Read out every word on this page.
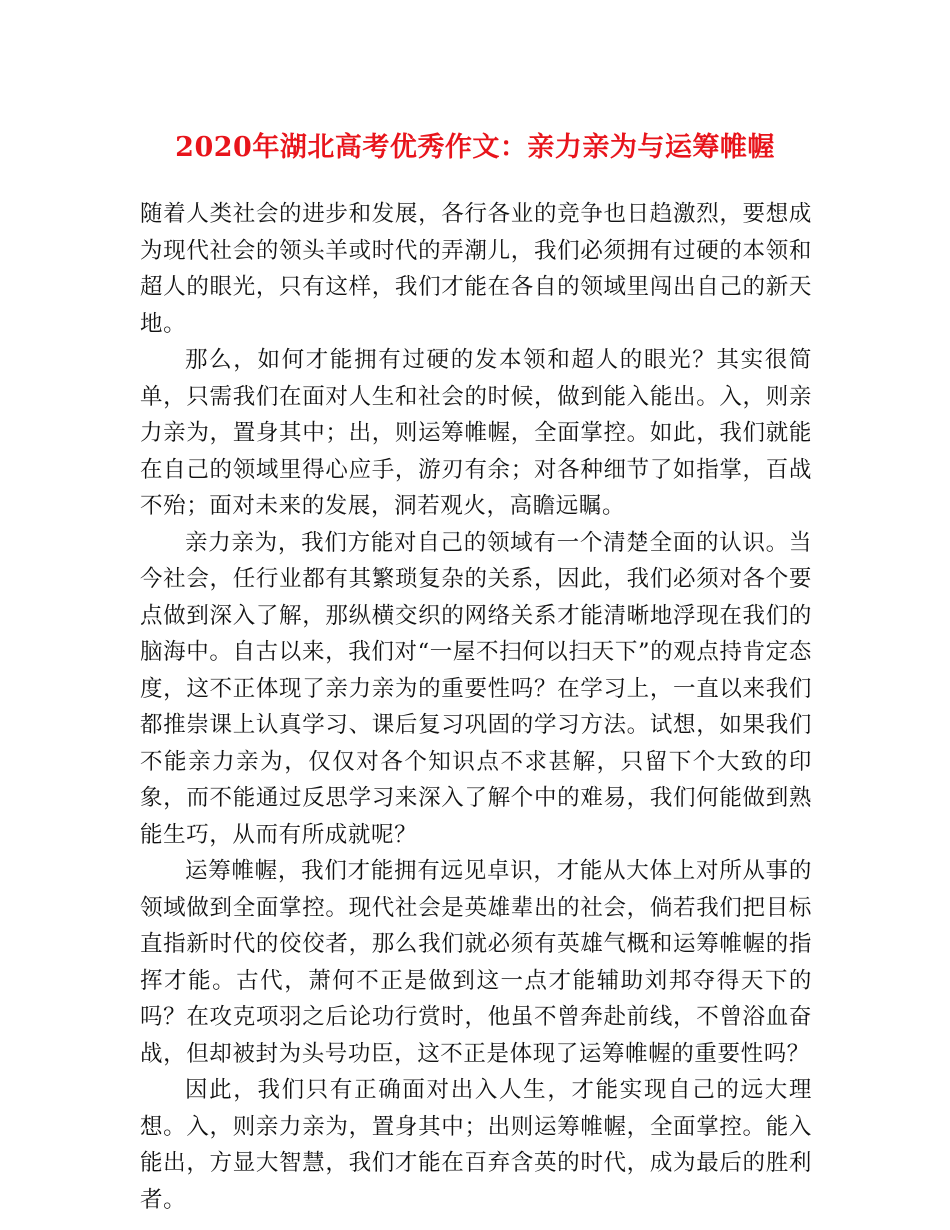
2020年湖北高考优秀作文：亲力亲为与运筹帷幄

随着人类社会的进步和发展，各行各业的竞争也日趋激烈，要想成为现代社会的领头羊或时代的弄潮儿，我们必须拥有过硬的本领和超人的眼光，只有这样，我们才能在各自的领域里闯出自己的新天地。

那么，如何才能拥有过硬的发本领和超人的眼光？其实很简单，只需我们在面对人生和社会的时候，做到能入能出。入，则亲力亲为，置身其中；出，则运筹帷幄，全面掌控。如此，我们就能在自己的领域里得心应手，游刃有余；对各种细节了如指掌，百战不殆；面对未来的发展，洞若观火，高瞻远瞩。

亲力亲为，我们方能对自己的领域有一个清楚全面的认识。当今社会，任行业都有其繁琐复杂的关系，因此，我们必须对各个要点做到深入了解，那纵横交织的网络关系才能清晰地浮现在我们的脑海中。自古以来，我们对“一屋不扫何以扫天下”的观点持肯定态度，这不正体现了亲力亲为的重要性吗？在学习上，一直以来我们都推崇课上认真学习、课后复习巩固的学习方法。试想，如果我们不能亲力亲为，仅仅对各个知识点不求甚解，只留下个大致的印象，而不能通过反思学习来深入了解个中的难易，我们何能做到熟能生巧，从而有所成就呢？

运筹帷幄，我们才能拥有远见卓识，才能从大体上对所从事的领域做到全面掌控。现代社会是英雄辈出的社会，倘若我们把目标直指新时代的佼佼者，那么我们就必须有英雄气概和运筹帷幄的指挥才能。古代，萧何不正是做到这一点才能辅助刘邦夺得天下的吗？在攻克项羽之后论功行赏时，他虽不曾奔赴前线，不曾浴血奋战，但却被封为头号功臣，这不正是体现了运筹帷幄的重要性吗？

因此，我们只有正确面对出入人生，才能实现自己的远大理想。入，则亲力亲为，置身其中；出则运筹帷幄，全面掌控。能入能出，方显大智慧，我们才能在百弃含英的时代，成为最后的胜利者。
